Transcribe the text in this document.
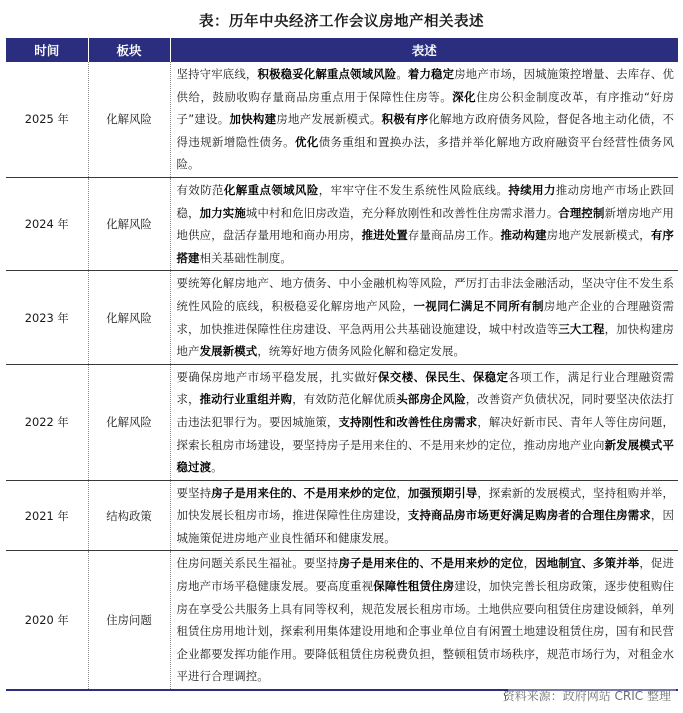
表：历年中央经济工作会议房地产相关表述
时间	板块	表述
2025 年	化解风险	坚持守牢底线，积极稳妥化解重点领域风险。着力稳定房地产市场，因城施策控增量、去库存、优供给，鼓励收购存量商品房重点用于保障性住房等。深化住房公积金制度改革，有序推动“好房子”建设。加快构建房地产发展新模式。积极有序化解地方政府债务风险，督促各地主动化债，不得违规新增隐性债务。优化债务重组和置换办法，多措并举化解地方政府融资平台经营性债务风险。
2024 年	化解风险	有效防范化解重点领域风险，牢牢守住不发生系统性风险底线。持续用力推动房地产市场止跌回稳，加力实施城中村和危旧房改造，充分释放刚性和改善性住房需求潜力。合理控制新增房地产用地供应，盘活存量用地和商办用房，推进处置存量商品房工作。推动构建房地产发展新模式，有序搭建相关基础性制度。
2023 年	化解风险	要统筹化解房地产、地方债务、中小金融机构等风险，严厉打击非法金融活动，坚决守住不发生系统性风险的底线，积极稳妥化解房地产风险，一视同仁满足不同所有制房地产企业的合理融资需求，加快推进保障性住房建设、平急两用公共基础设施建设，城中村改造等三大工程，加快构建房地产发展新模式，统筹好地方债务风险化解和稳定发展。
2022 年	化解风险	要确保房地产市场平稳发展，扎实做好保交楼、保民生、保稳定各项工作，满足行业合理融资需求，推动行业重组并购，有效防范化解优质头部房企风险，改善资产负债状况，同时要坚决依法打击违法犯罪行为。要因城施策，支持刚性和改善性住房需求，解决好新市民、青年人等住房问题，探索长租房市场建设，要坚持房子是用来住的、不是用来炒的定位，推动房地产业向新发展模式平稳过渡。
2021 年	结构政策	要坚持房子是用来住的、不是用来炒的定位，加强预期引导，探索新的发展模式，坚持租购并举，加快发展长租房市场，推进保障性住房建设，支持商品房市场更好满足购房者的合理住房需求，因城施策促进房地产业良性循环和健康发展。
2020 年	住房问题	住房问题关系民生福祉。要坚持房子是用来住的、不是用来炒的定位，因地制宜、多策并举，促进房地产市场平稳健康发展。要高度重视保障性租赁住房建设，加快完善长租房政策，逐步使租购住房在享受公共服务上具有同等权利，规范发展长租房市场。土地供应要向租赁住房建设倾斜，单列租赁住房用地计划，探索利用集体建设用地和企事业单位自有闲置土地建设租赁住房，国有和民营企业都要发挥功能作用。要降低租赁住房税费负担，整顿租赁市场秩序，规范市场行为，对租金水平进行合理调控。
资料来源：政府网站 CRIC 整理
